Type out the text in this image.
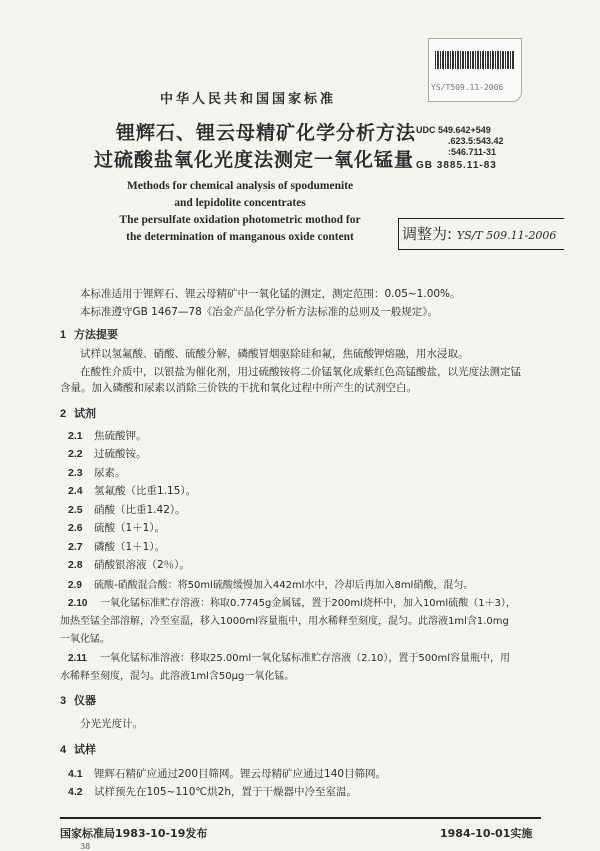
YS/T509.11-2006
中华人民共和国国家标准
锂辉石、锂云母精矿化学分析方法
过硫酸盐氧化光度法测定一氧化锰量
UDC 549.642+549
.623.5:543.42
:546.711-31
GB 3885.11-83
Methods for chemical analysis of spodumenite
and lepidolite concentrates
The persulfate oxidation photometric mothod for
the determination of manganous oxide content	调整为: YS/T 509.11-2006
本标准适用于锂辉石、锂云母精矿中一氧化锰的测定，测定范围：0.05~1.00%。
本标准遵守GB 1467—78《冶金产品化学分析方法标准的总则及一般规定》。
1 方法提要
试样以氢氟酸、硝酸、硫酸分解，磷酸冒烟驱除硅和氟，焦硫酸钾熔融，用水浸取。
在酸性介质中，以银盐为催化剂，用过硫酸铵将二价锰氧化成紫红色高锰酸盐，以光度法测定锰
含量。加入磷酸和尿素以消除三价铁的干扰和氧化过程中所产生的试剂空白。
2 试剂
2.1 焦硫酸钾。
2.2 过硫酸铵。
2.3 尿素。
2.4 氢氟酸（比重1.15）。
2.5 硝酸（比重1.42）。
2.6 硫酸（1＋1）。
2.7 磷酸（1＋1）。
2.8 硝酸银溶液（2％）。
2.9 硫酸-硝酸混合酸：将50ml硫酸缓慢加入442ml水中，冷却后再加入8ml硝酸，混匀。
2.10 一氧化锰标准贮存溶液：称取0.7745g金属锰，置于200ml烧杯中，加入10ml硫酸（1＋3），
加热至锰全部溶解，冷至室温，移入1000ml容量瓶中，用水稀释至刻度，混匀。此溶液1ml含1.0mg
一氧化锰。
2.11 一氧化锰标准溶液：移取25.00ml一氧化锰标准贮存溶液（2.10），置于500ml容量瓶中，用
水稀释至刻度，混匀。此溶液1ml含50μg一氧化锰。
3 仪器
分光光度计。
4 试样
4.1 锂辉石精矿应通过200目筛网。锂云母精矿应通过140目筛网。
4.2 试样预先在105~110℃烘2h，置于干燥器中冷至室温。
国家标准局1983-10-19发布	1984-10-01实施
38
